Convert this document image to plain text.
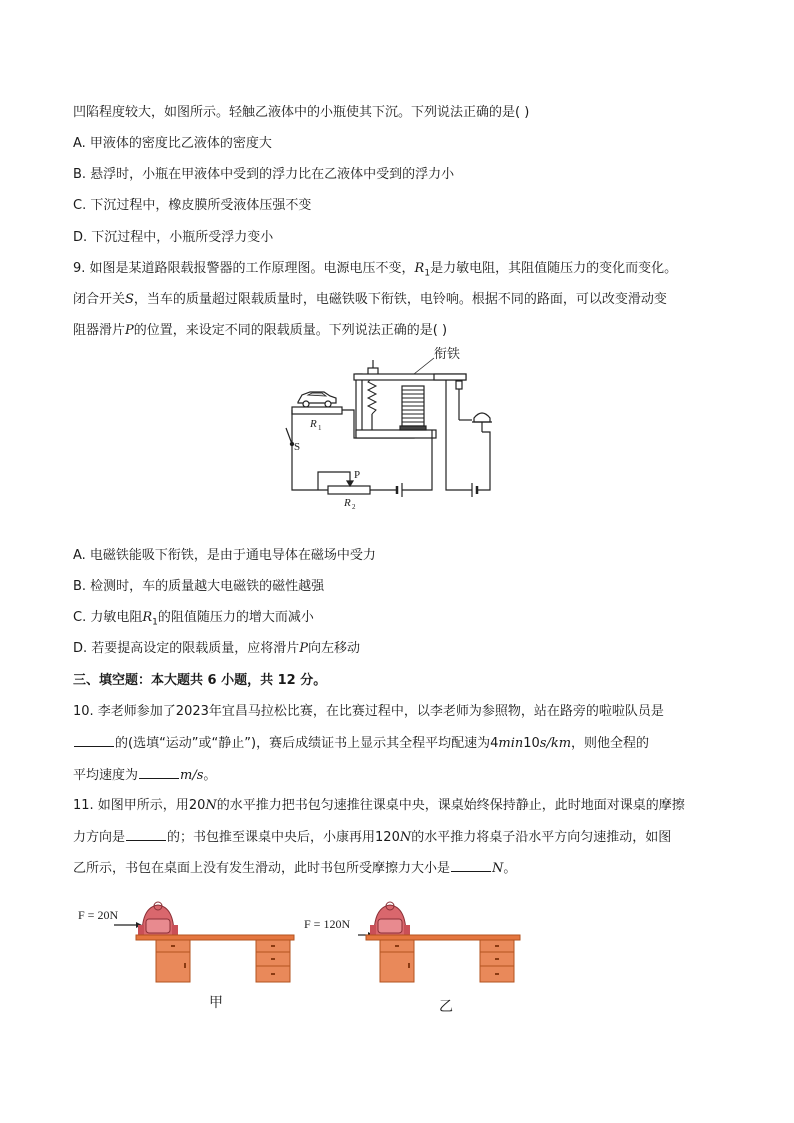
凹陷程度较大，如图所示。轻触乙液体中的小瓶使其下沉。下列说法正确的是( )
A. 甲液体的密度比乙液体的密度大
B. 悬浮时，小瓶在甲液体中受到的浮力比在乙液体中受到的浮力小
C. 下沉过程中，橡皮膜所受液体压强不变
D. 下沉过程中，小瓶所受浮力变小
9. 如图是某道路限载报警器的工作原理图。电源电压不变，$R_1$是力敏电阻，其阻值随压力的变化而变化。
闭合开关S，当车的质量超过限载质量时，电磁铁吸下衔铁，电铃响。根据不同的路面，可以改变滑动变
阻器滑片P的位置，来设定不同的限载质量。下列说法正确的是( )
衔铁
R 1
S
P
R 2
A. 电磁铁能吸下衔铁，是由于通电导体在磁场中受力
B. 检测时，车的质量越大电磁铁的磁性越强
C. 力敏电阻$R_1$的阻值随压力的增大而减小
D. 若要提高设定的限载质量，应将滑片P向左移动
三、填空题：本大题共 6 小题，共 12 分。
10. 李老师参加了2023年宜昌马拉松比赛，在比赛过程中，以李老师为参照物，站在路旁的啦啦队员是
的(选填“运动”或“静止”)，赛后成绩证书上显示其全程平均配速为4min10s/km，则他全程的
平均速度为	m/s。
11. 如图甲所示，用20N的水平推力把书包匀速推往课桌中央，课桌始终保持静止，此时地面对课桌的摩擦
力方向是	的；书包推至课桌中央后，小康再用120N的水平推力将桌子沿水平方向匀速推动，如图
乙所示，书包在桌面上没有发生滑动，此时书包所受摩擦力大小是	N。
F = 20N
甲
F = 120N
乙
